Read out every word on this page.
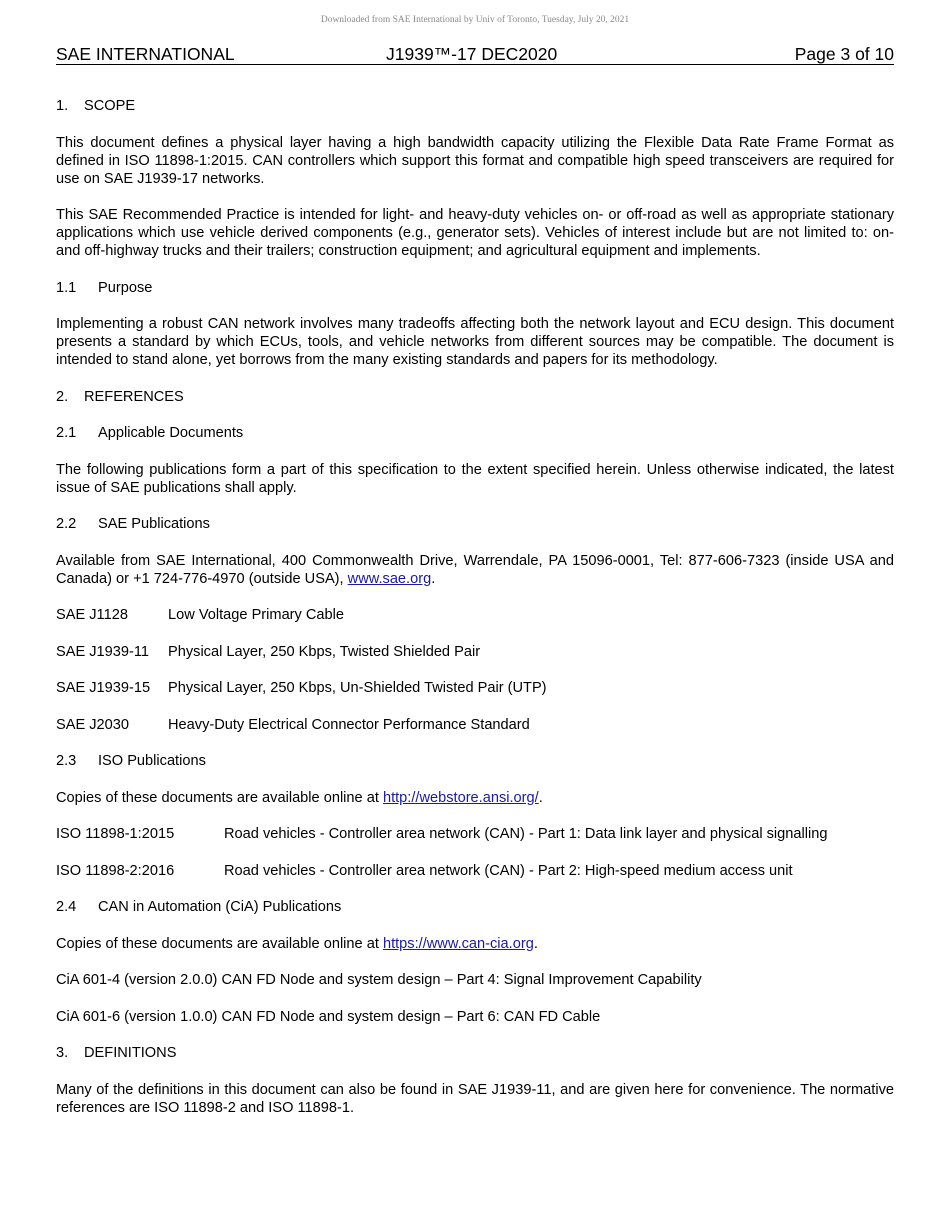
Downloaded from SAE International by Univ of Toronto, Tuesday, July 20, 2021
SAE INTERNATIONAL	J1939™-17 DEC2020	Page 3 of 10

1. SCOPE

This document defines a physical layer having a high bandwidth capacity utilizing the Flexible Data Rate Frame Format as defined in ISO 11898-1:2015. CAN controllers which support this format and compatible high speed transceivers are required for use on SAE J1939-17 networks.

This SAE Recommended Practice is intended for light- and heavy-duty vehicles on- or off-road as well as appropriate stationary applications which use vehicle derived components (e.g., generator sets). Vehicles of interest include but are not limited to: on- and off-highway trucks and their trailers; construction equipment; and agricultural equipment and implements.

1.1 Purpose

Implementing a robust CAN network involves many tradeoffs affecting both the network layout and ECU design. This document presents a standard by which ECUs, tools, and vehicle networks from different sources may be compatible. The document is intended to stand alone, yet borrows from the many existing standards and papers for its methodology.

2. REFERENCES

2.1 Applicable Documents

The following publications form a part of this specification to the extent specified herein. Unless otherwise indicated, the latest issue of SAE publications shall apply.

2.2 SAE Publications

Available from SAE International, 400 Commonwealth Drive, Warrendale, PA 15096-0001, Tel: 877-606-7323 (inside USA and Canada) or +1 724-776-4970 (outside USA), www.sae.org.

SAE J1128	Low Voltage Primary Cable
SAE J1939-11	Physical Layer, 250 Kbps, Twisted Shielded Pair
SAE J1939-15	Physical Layer, 250 Kbps, Un-Shielded Twisted Pair (UTP)
SAE J2030	Heavy-Duty Electrical Connector Performance Standard

2.3 ISO Publications

Copies of these documents are available online at http://webstore.ansi.org/.

ISO 11898-1:2015	Road vehicles - Controller area network (CAN) - Part 1: Data link layer and physical signalling
ISO 11898-2:2016	Road vehicles - Controller area network (CAN) - Part 2: High-speed medium access unit

2.4 CAN in Automation (CiA) Publications

Copies of these documents are available online at https://www.can-cia.org.

CiA 601-4 (version 2.0.0) CAN FD Node and system design – Part 4: Signal Improvement Capability

CiA 601-6 (version 1.0.0) CAN FD Node and system design – Part 6: CAN FD Cable

3. DEFINITIONS

Many of the definitions in this document can also be found in SAE J1939-11, and are given here for convenience. The normative references are ISO 11898-2 and ISO 11898-1.
